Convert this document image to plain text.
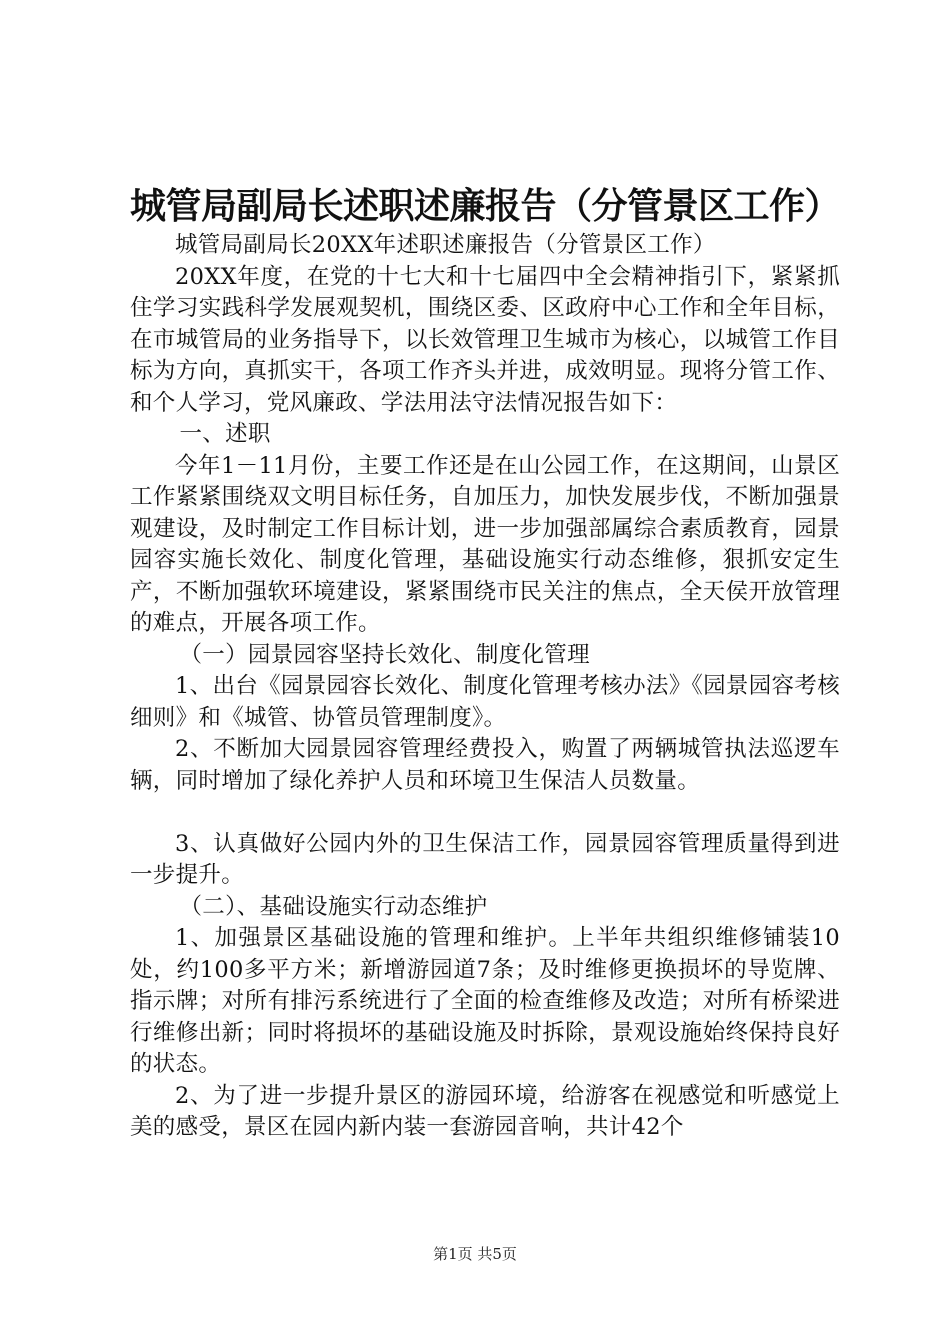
城管局副局长述职述廉报告（分管景区工作）

城管局副局长20XX年述职述廉报告（分管景区工作）

20XX年度，在党的十七大和十七届四中全会精神指引下，紧紧抓住学习实践科学发展观契机，围绕区委、区政府中心工作和全年目标，在市城管局的业务指导下，以长效管理卫生城市为核心，以城管工作目标为方向，真抓实干，各项工作齐头并进，成效明显。现将分管工作、和个人学习，党风廉政、学法用法守法情况报告如下：

一、述职

今年1－11月份，主要工作还是在山公园工作，在这期间，山景区工作紧紧围绕双文明目标任务，自加压力，加快发展步伐，不断加强景观建设，及时制定工作目标计划，进一步加强部属综合素质教育，园景园容实施长效化、制度化管理，基础设施实行动态维修，狠抓安定生产，不断加强软环境建设，紧紧围绕市民关注的焦点，全天侯开放管理的难点，开展各项工作。

（一）园景园容坚持长效化、制度化管理

1、出台《园景园容长效化、制度化管理考核办法》《园景园容考核细则》和《城管、协管员管理制度》。

2、不断加大园景园容管理经费投入，购置了两辆城管执法巡逻车辆，同时增加了绿化养护人员和环境卫生保洁人员数量。

3、认真做好公园内外的卫生保洁工作，园景园容管理质量得到进一步提升。

（二）、基础设施实行动态维护

1、加强景区基础设施的管理和维护。上半年共组织维修铺装10处，约100多平方米；新增游园道7条；及时维修更换损坏的导览牌、指示牌；对所有排污系统进行了全面的检查维修及改造；对所有桥梁进行维修出新；同时将损坏的基础设施及时拆除，景观设施始终保持良好的状态。

2、为了进一步提升景区的游园环境，给游客在视感觉和听感觉上美的感受，景区在园内新内装一套游园音响，共计42个

第1页 共5页
